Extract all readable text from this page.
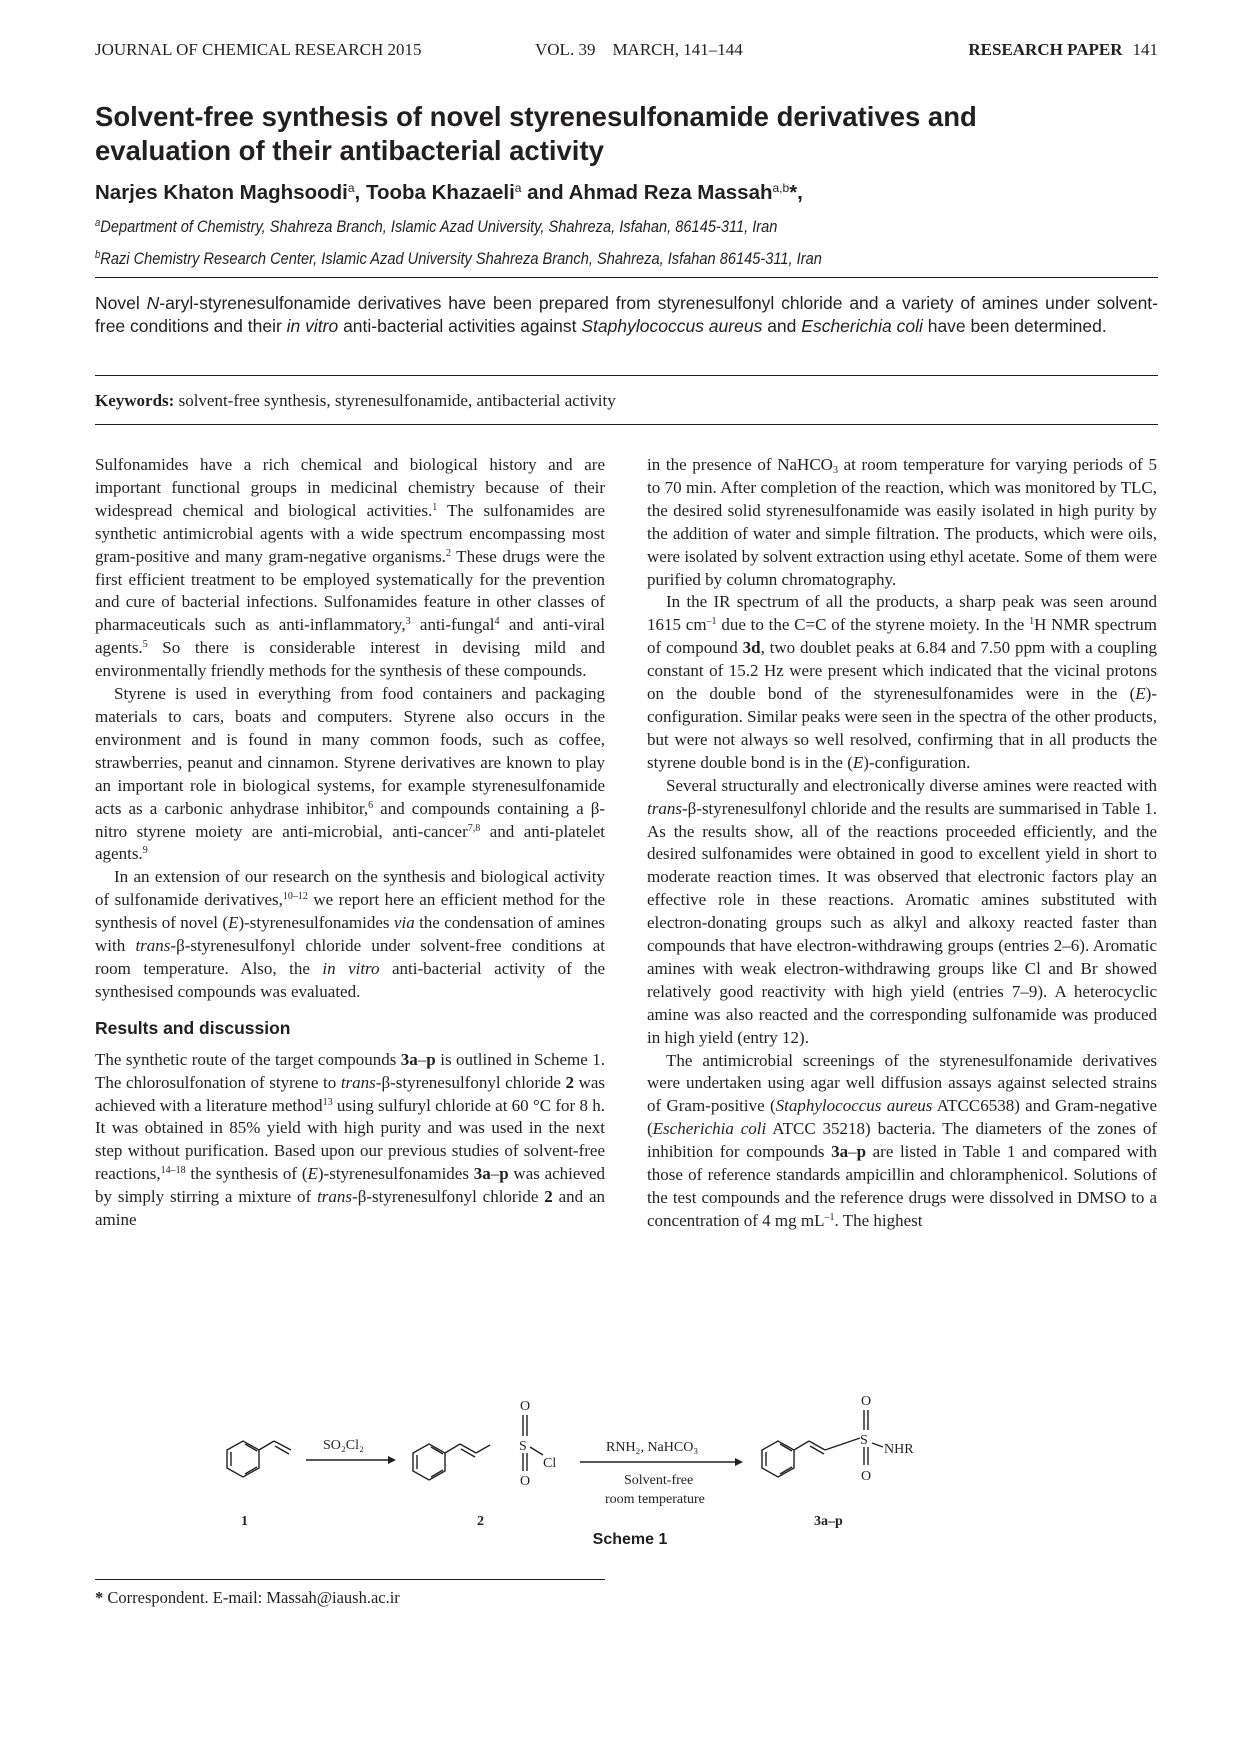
JOURNAL OF CHEMICAL RESEARCH 2015	VOL. 39    MARCH, 141–144	RESEARCH PAPER 141
Solvent-free synthesis of novel styrenesulfonamide derivatives and evaluation of their antibacterial activity
Narjes Khaton Maghsoodi$^a$, Tooba Khazaeli$^a$ and Ahmad Reza Massah$^{a,b}$*,
$^a$Department of Chemistry, Shahreza Branch, Islamic Azad University, Shahreza, Isfahan, 86145-311, Iran
$^b$Razi Chemistry Research Center, Islamic Azad University Shahreza Branch, Shahreza, Isfahan 86145-311, Iran
Novel N-aryl-styrenesulfonamide derivatives have been prepared from styrenesulfonyl chloride and a variety of amines under solvent-free conditions and their in vitro anti-bacterial activities against Staphylococcus aureus and Escherichia coli have been determined.
Keywords: solvent-free synthesis, styrenesulfonamide, antibacterial activity

Sulfonamides have a rich chemical and biological history and are important functional groups in medicinal chemistry because of their widespread chemical and biological activities.$^1$ The sulfonamides are synthetic antimicrobial agents with a wide spectrum encompassing most gram-positive and many gram-negative organisms.$^2$ These drugs were the first efficient treatment to be employed systematically for the prevention and cure of bacterial infections. Sulfonamides feature in other classes of pharmaceuticals such as anti-inflammatory,$^3$ anti-fungal$^4$ and anti-viral agents.$^5$ So there is considerable interest in devising mild and environmentally friendly methods for the synthesis of these compounds.

Styrene is used in everything from food containers and packaging materials to cars, boats and computers. Styrene also occurs in the environment and is found in many common foods, such as coffee, strawberries, peanut and cinnamon. Styrene derivatives are known to play an important role in biological systems, for example styrenesulfonamide acts as a carbonic anhydrase inhibitor,$^6$ and compounds containing a β-nitro styrene moiety are anti-microbial, anti-cancer$^{7,8}$ and anti-platelet agents.$^9$

In an extension of our research on the synthesis and biological activity of sulfonamide derivatives,$^{10-12}$ we report here an efficient method for the synthesis of novel (E)-styrenesulfonamides via the condensation of amines with trans-β-styrenesulfonyl chloride under solvent-free conditions at room temperature. Also, the in vitro anti-bacterial activity of the synthesised compounds was evaluated.

Results and discussion

The synthetic route of the target compounds 3a–p is outlined in Scheme 1. The chlorosulfonation of styrene to trans-β-styrenesulfonyl chloride 2 was achieved with a literature method$^{13}$ using sulfuryl chloride at 60 °C for 8 h. It was obtained in 85% yield with high purity and was used in the next step without purification. Based upon our previous studies of solvent-free reactions,$^{14-18}$ the synthesis of (E)-styrenesulfonamides 3a–p was achieved by simply stirring a mixture of trans-β-styrenesulfonyl chloride 2 and an amine

in the presence of NaHCO$_3$ at room temperature for varying periods of 5 to 70 min. After completion of the reaction, which was monitored by TLC, the desired solid styrenesulfonamide was easily isolated in high purity by the addition of water and simple filtration. The products, which were oils, were isolated by solvent extraction using ethyl acetate. Some of them were purified by column chromatography.

In the IR spectrum of all the products, a sharp peak was seen around 1615 $cm^{-1}$ due to the C=C of the styrene moiety. In the $^1$H NMR spectrum of compound 3d, two doublet peaks at 6.84 and 7.50 ppm with a coupling constant of 15.2 Hz were present which indicated that the vicinal protons on the double bond of the styrenesulfonamides were in the (E)-configuration. Similar peaks were seen in the spectra of the other products, but were not always so well resolved, confirming that in all products the styrene double bond is in the (E)-configuration.

Several structurally and electronically diverse amines were reacted with trans-β-styrenesulfonyl chloride and the results are summarised in Table 1. As the results show, all of the reactions proceeded efficiently, and the desired sulfonamides were obtained in good to excellent yield in short to moderate reaction times. It was observed that electronic factors play an effective role in these reactions. Aromatic amines substituted with electron-donating groups such as alkyl and alkoxy reacted faster than compounds that have electron-withdrawing groups (entries 2–6). Aromatic amines with weak electron-withdrawing groups like Cl and Br showed relatively good reactivity with high yield (entries 7–9). A heterocyclic amine was also reacted and the corresponding sulfonamide was produced in high yield (entry 12).

The antimicrobial screenings of the styrenesulfonamide derivatives were undertaken using agar well diffusion assays against selected strains of Gram-positive (Staphylococcus aureus ATCC6538) and Gram-negative (Escherichia coli ATCC 35218) bacteria. The diameters of the zones of inhibition for compounds 3a–p are listed in Table 1 and compared with those of reference standards ampicillin and chloramphenicol. Solutions of the test compounds and the reference drugs were dissolved in DMSO to a concentration of 4 mg $mL^{-1}$. The highest

1
SO₂Cl₂
O
S
O
Cl
2
RNH₂, NaHCO₃
Solvent-free
room temperature
O
S
O
NHR
3a–p
Scheme 1
* Correspondent. E-mail: Massah@iaush.ac.ir
